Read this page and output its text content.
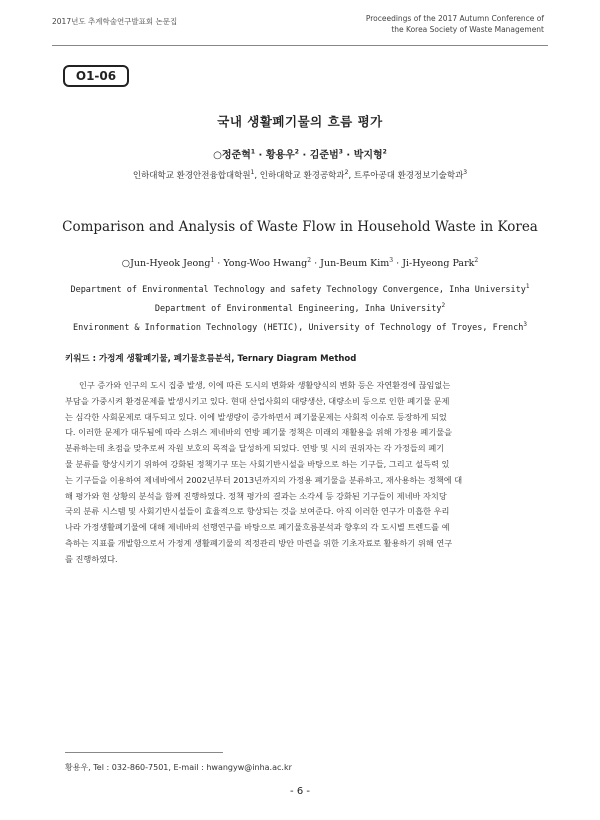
2017년도 추계학술연구발표회 논문집	Proceedings of the 2017 Autumn Conference of
the Korea Society of Waste Management
O1-06
국내 생활폐기물의 흐름 평가
○정준혁$^1$ · 황용우$^2$ · 김준범$^3$ · 박지형$^2$
인하대학교 환경안전융합대학원$^1$, 인하대학교 환경공학과$^2$, 트루아공대 환경정보기술학과$^3$
Comparison and Analysis of Waste Flow in Household Waste in Korea
○Jun-Hyeok Jeong$^1$ · Yong-Woo Hwang$^2$ · Jun-Beum Kim$^3$ · Ji-Hyeong Park$^2$
Department of Environmental Technology and safety Technology Convergence, Inha University$^1$
Department of Environmental Engineering, Inha University$^2$
Environment & Information Technology (HETIC), University of Technology of Troyes, French$^3$
키워드 : 가정계 생활폐기물, 폐기물흐름분석, Ternary Diagram Method
인구 증가와 인구의 도시 집중 발생, 이에 따른 도시의 변화와 생활양식의 변화 등은 자연환경에 끊임없는
부담을 가중시켜 환경문제를 발생시키고 있다. 현대 산업사회의 대량생산, 대량소비 등으로 인한 폐기물 문제
는 심각한 사회문제로 대두되고 있다. 이에 발생량이 증가하면서 폐기물문제는 사회적 이슈로 등장하게 되었
다. 이러한 문제가 대두됨에 따라 스위스 제네바의 연방 폐기물 정책은 미래의 재활용을 위해 가정용 폐기물을
분류하는데 초점을 맞추로써 자원 보호의 목적을 달성하게 되었다. 연방 및 시의 권위자는 각 가정들의 폐기
물 분류를 향상시키기 위하여 강화된 정책기구 또는 사회기반시설을 바탕으로 하는 기구들, 그리고 설득력 있
는 기구들을 이용하여 제네바에서 2002년부터 2013년까지의 가정용 폐기물을 분류하고, 재사용하는 정책에 대
해 평가와 현 상황의 분석을 함께 진행하였다. 정책 평가의 결과는 소각세 등 강화된 기구들이 제네바 자치당
국의 분류 시스템 및 사회기반시설들이 효율적으로 향상되는 것을 보여준다. 아직 이러한 연구가 미흡한 우리
나라 가정생활폐기물에 대해 제네바의 선행연구를 바탕으로 폐기물흐름분석과 향후의 각 도시별 트렌드를 예
측하는 지표를 개발함으로서 가정계 생활폐기물의 적정관리 방안 마련을 위한 기초자료로 활용하기 위해 연구
를 진행하였다.
황용우, Tel : 032-860-7501, E-mail : hwangyw@inha.ac.kr
- 6 -
